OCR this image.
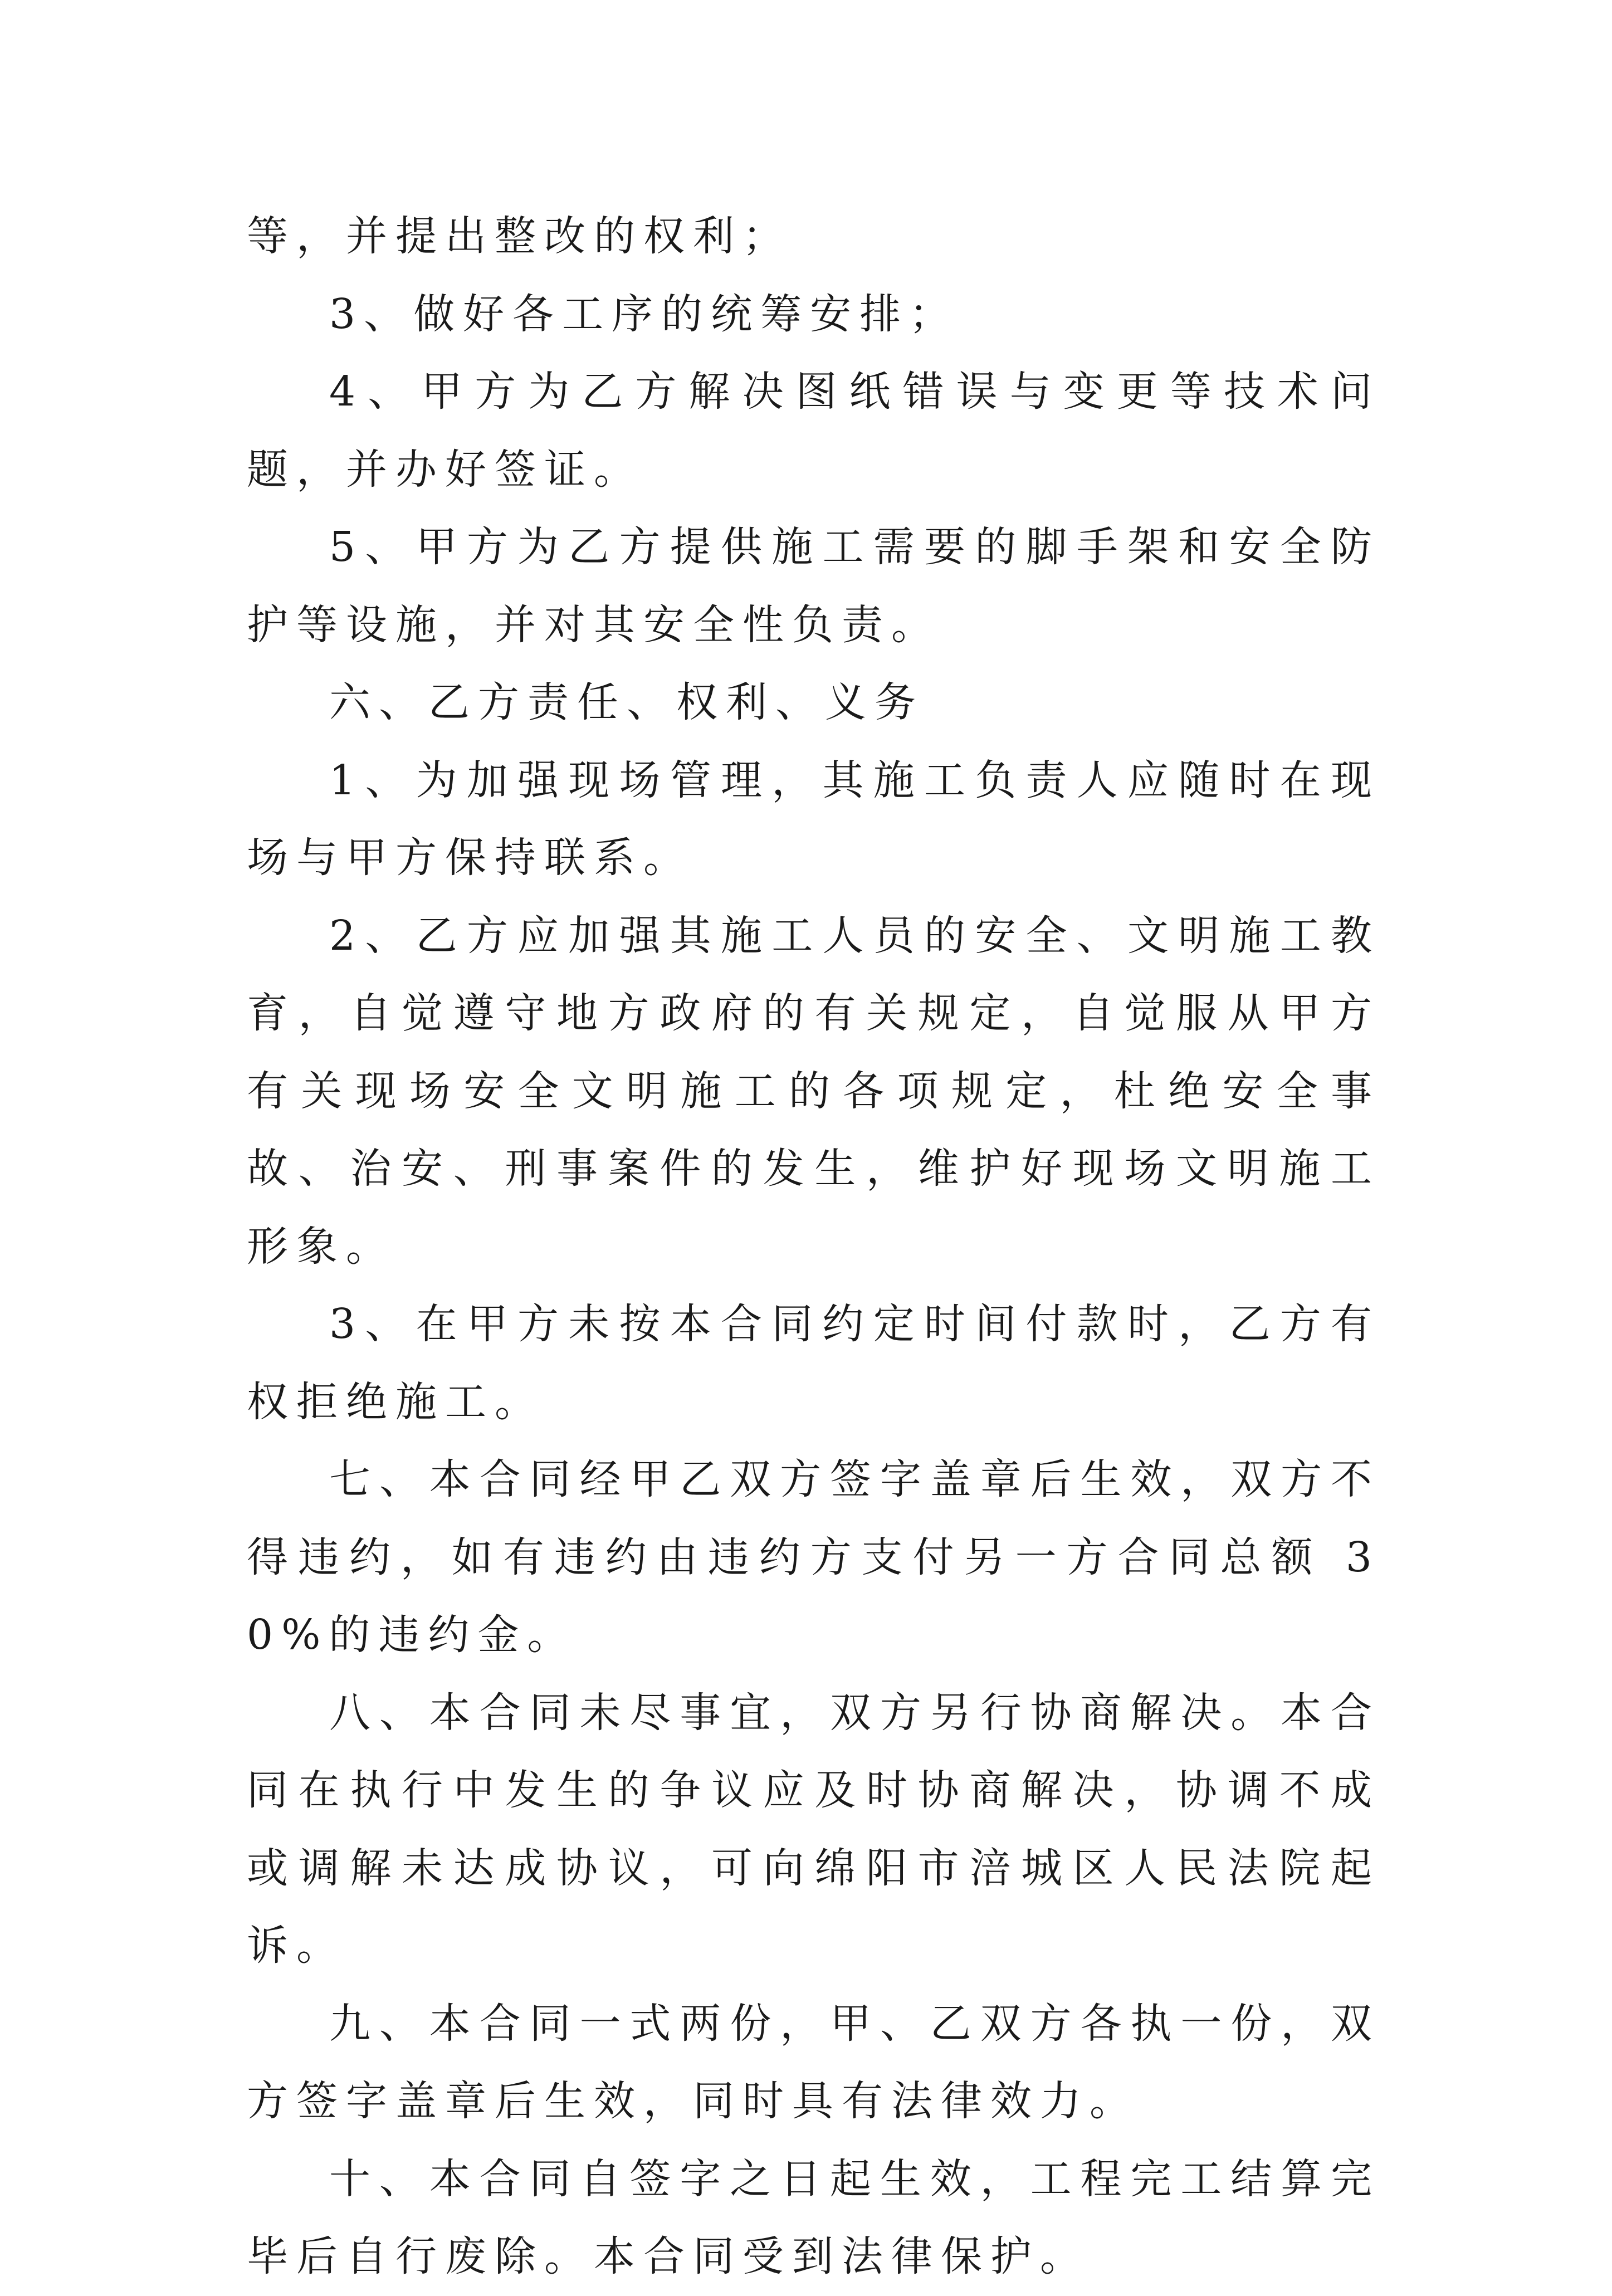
等，并提出整改的权利；

3、做好各工序的统筹安排；

4、甲方为乙方解决图纸错误与变更等技术问题，并办好签证。

5、甲方为乙方提供施工需要的脚手架和安全防护等设施，并对其安全性负责。

六、乙方责任、权利、义务

1、为加强现场管理，其施工负责人应随时在现场与甲方保持联系。

2、乙方应加强其施工人员的安全、文明施工教育，自觉遵守地方政府的有关规定，自觉服从甲方有关现场安全文明施工的各项规定，杜绝安全事故、治安、刑事案件的发生，维护好现场文明施工形象。

3、在甲方未按本合同约定时间付款时，乙方有权拒绝施工。

七、本合同经甲乙双方签字盖章后生效，双方不得违约，如有违约由违约方支付另一方合同总额 30%的违约金。

八、本合同未尽事宜，双方另行协商解决。本合同在执行中发生的争议应及时协商解决，协调不成或调解未达成协议，可向绵阳市涪城区人民法院起诉。

九、本合同一式两份，甲、乙双方各执一份，双方签字盖章后生效，同时具有法律效力。

十、本合同自签字之日起生效，工程完工结算完毕后自行废除。本合同受到法律保护。
